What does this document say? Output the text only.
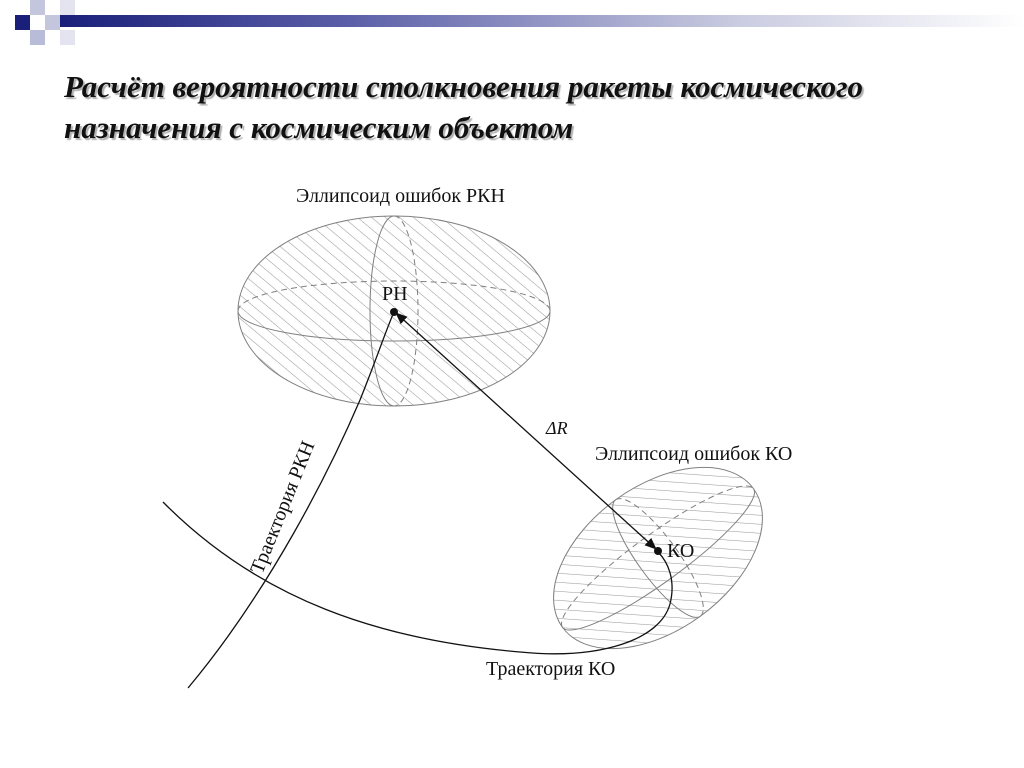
Расчёт вероятности столкновения ракеты космического назначения с космическим объектом
Эллипсоид ошибок РКН
Эллипсоид ошибок КО
РН
КО
ΔR
Траектория РКН
Траектория КО
